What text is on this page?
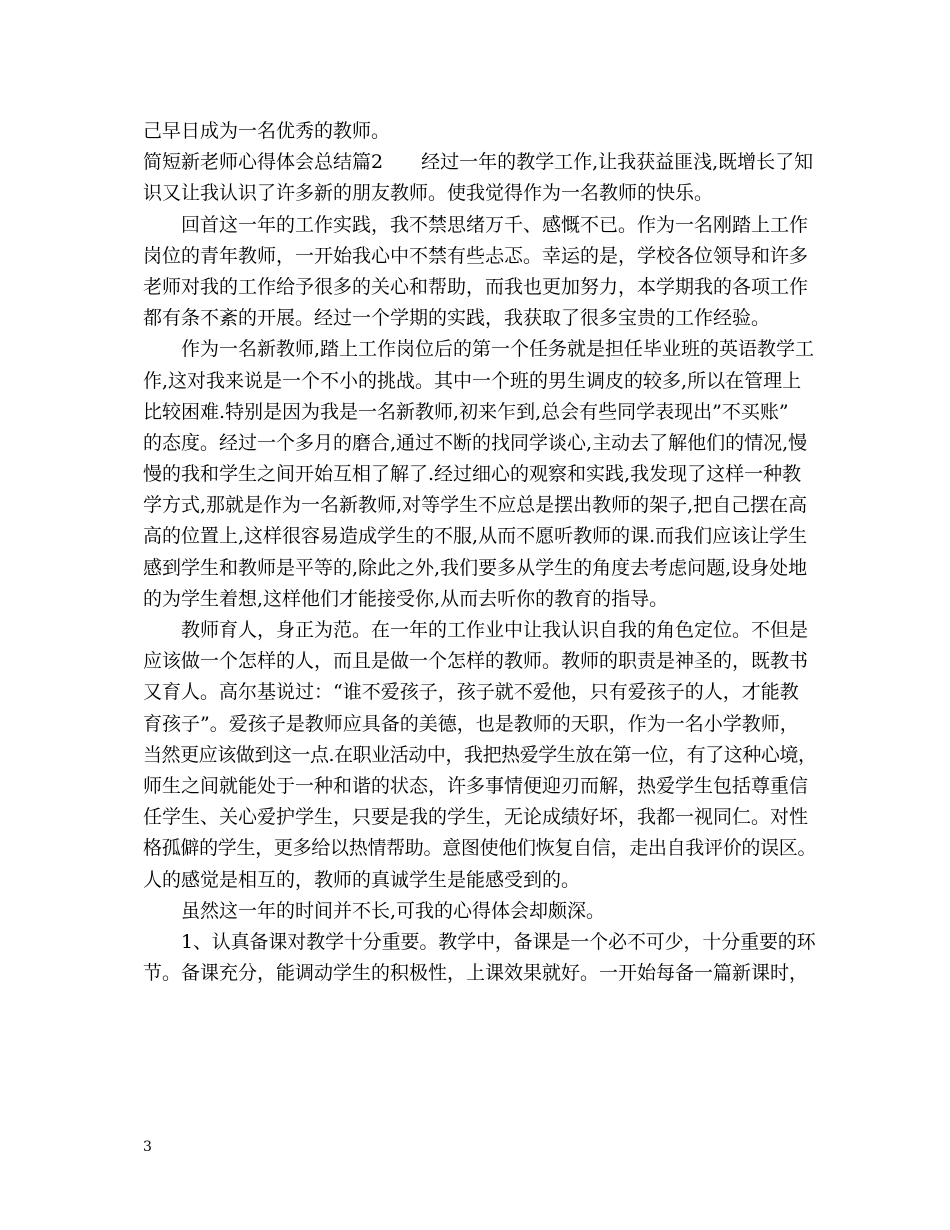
己早日成为一名优秀的教师。
简短新老师心得体会总结篇2　　经过一年的教学工作,让我获益匪浅,既增长了知
识又让我认识了许多新的朋友教师。使我觉得作为一名教师的快乐。
回首这一年的工作实践，我不禁思绪万千、感慨不已。作为一名刚踏上工作
岗位的青年教师，一开始我心中不禁有些忐忑。幸运的是，学校各位领导和许多
老师对我的工作给予很多的关心和帮助，而我也更加努力，本学期我的各项工作
都有条不紊的开展。经过一个学期的实践，我获取了很多宝贵的工作经验。
作为一名新教师,踏上工作岗位后的第一个任务就是担任毕业班的英语教学工
作,这对我来说是一个不小的挑战。其中一个班的男生调皮的较多,所以在管理上
比较困难.特别是因为我是一名新教师,初来乍到,总会有些同学表现出”不买账”
的态度。经过一个多月的磨合,通过不断的找同学谈心,主动去了解他们的情况,慢
慢的我和学生之间开始互相了解了.经过细心的观察和实践,我发现了这样一种教
学方式,那就是作为一名新教师,对等学生不应总是摆出教师的架子,把自己摆在高
高的位置上,这样很容易造成学生的不服,从而不愿听教师的课.而我们应该让学生
感到学生和教师是平等的,除此之外,我们要多从学生的角度去考虑问题,设身处地
的为学生着想,这样他们才能接受你,从而去听你的教育的指导。
教师育人，身正为范。在一年的工作业中让我认识自我的角色定位。不但是
应该做一个怎样的人，而且是做一个怎样的教师。教师的职责是神圣的，既教书
又育人。高尔基说过：“谁不爱孩子，孩子就不爱他，只有爱孩子的人，才能教
育孩子”。爱孩子是教师应具备的美德，也是教师的天职，作为一名小学教师，
当然更应该做到这一点.在职业活动中，我把热爱学生放在第一位，有了这种心境，
师生之间就能处于一种和谐的状态，许多事情便迎刃而解，热爱学生包括尊重信
任学生、关心爱护学生，只要是我的学生，无论成绩好坏，我都一视同仁。对性
格孤僻的学生，更多给以热情帮助。意图使他们恢复自信，走出自我评价的误区。
人的感觉是相互的，教师的真诚学生是能感受到的。
虽然这一年的时间并不长,可我的心得体会却颇深。
1、认真备课对教学十分重要。教学中，备课是一个必不可少，十分重要的环
节。备课充分，能调动学生的积极性，上课效果就好。一开始每备一篇新课时，
3
